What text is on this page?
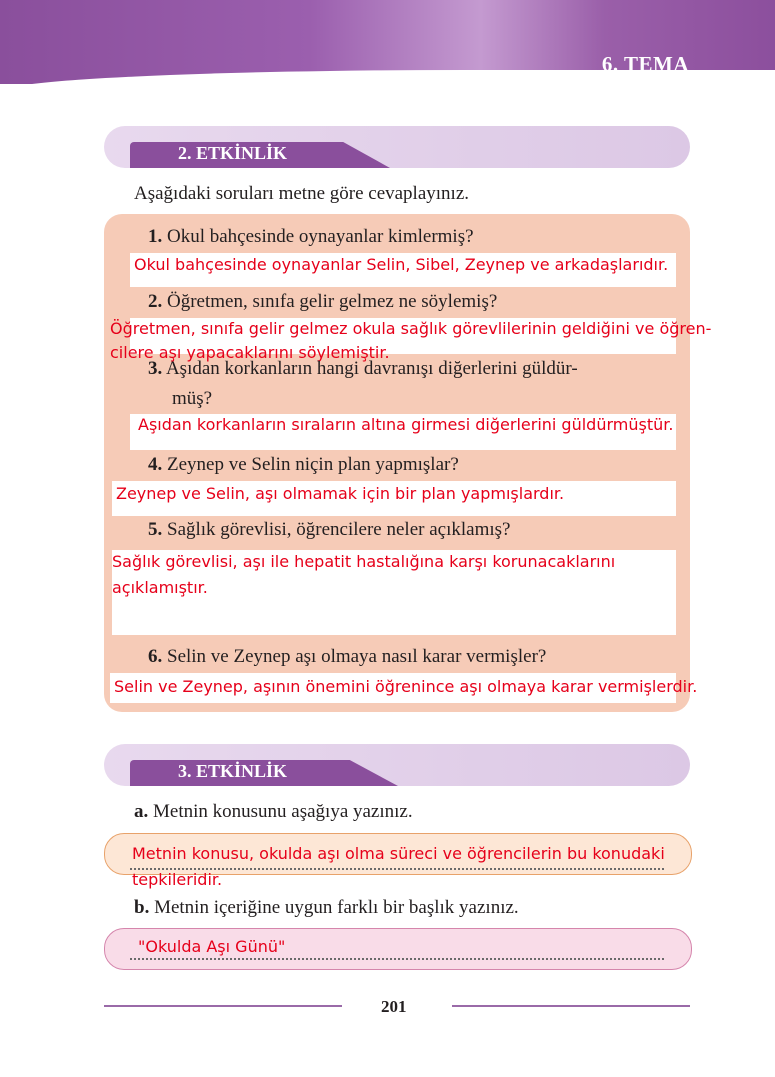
6. TEMA
2. ETKİNLİK
Aşağıdaki soruları metne göre cevaplayınız.
1. Okul bahçesinde oynayanlar kimlermiş?
Okul bahçesinde oynayanlar Selin, Sibel, Zeynep ve arkadaşlarıdır.
2. Öğretmen, sınıfa gelir gelmez ne söylemiş?
Öğretmen, sınıfa gelir gelmez okula sağlık görevlilerinin geldiğini ve öğren-
cilere aşı yapacaklarını söylemiştir.
3. Aşıdan korkanların hangi davranışı diğerlerini güldür-
müş?
Aşıdan korkanların sıraların altına girmesi diğerlerini güldürmüştür.
4. Zeynep ve Selin niçin plan yapmışlar?
Zeynep ve Selin, aşı olmamak için bir plan yapmışlardır.
5. Sağlık görevlisi, öğrencilere neler açıklamış?
Sağlık görevlisi, aşı ile hepatit hastalığına karşı korunacaklarını
açıklamıştır.
6. Selin ve Zeynep aşı olmaya nasıl karar vermişler?
Selin ve Zeynep, aşının önemini öğrenince aşı olmaya karar vermişlerdir.
3. ETKİNLİK
a. Metnin konusunu aşağıya yazınız.
Metnin konusu, okulda aşı olma süreci ve öğrencilerin bu konudaki
tepkileridir.
b. Metnin içeriğine uygun farklı bir başlık yazınız.
"Okulda Aşı Günü"
201
